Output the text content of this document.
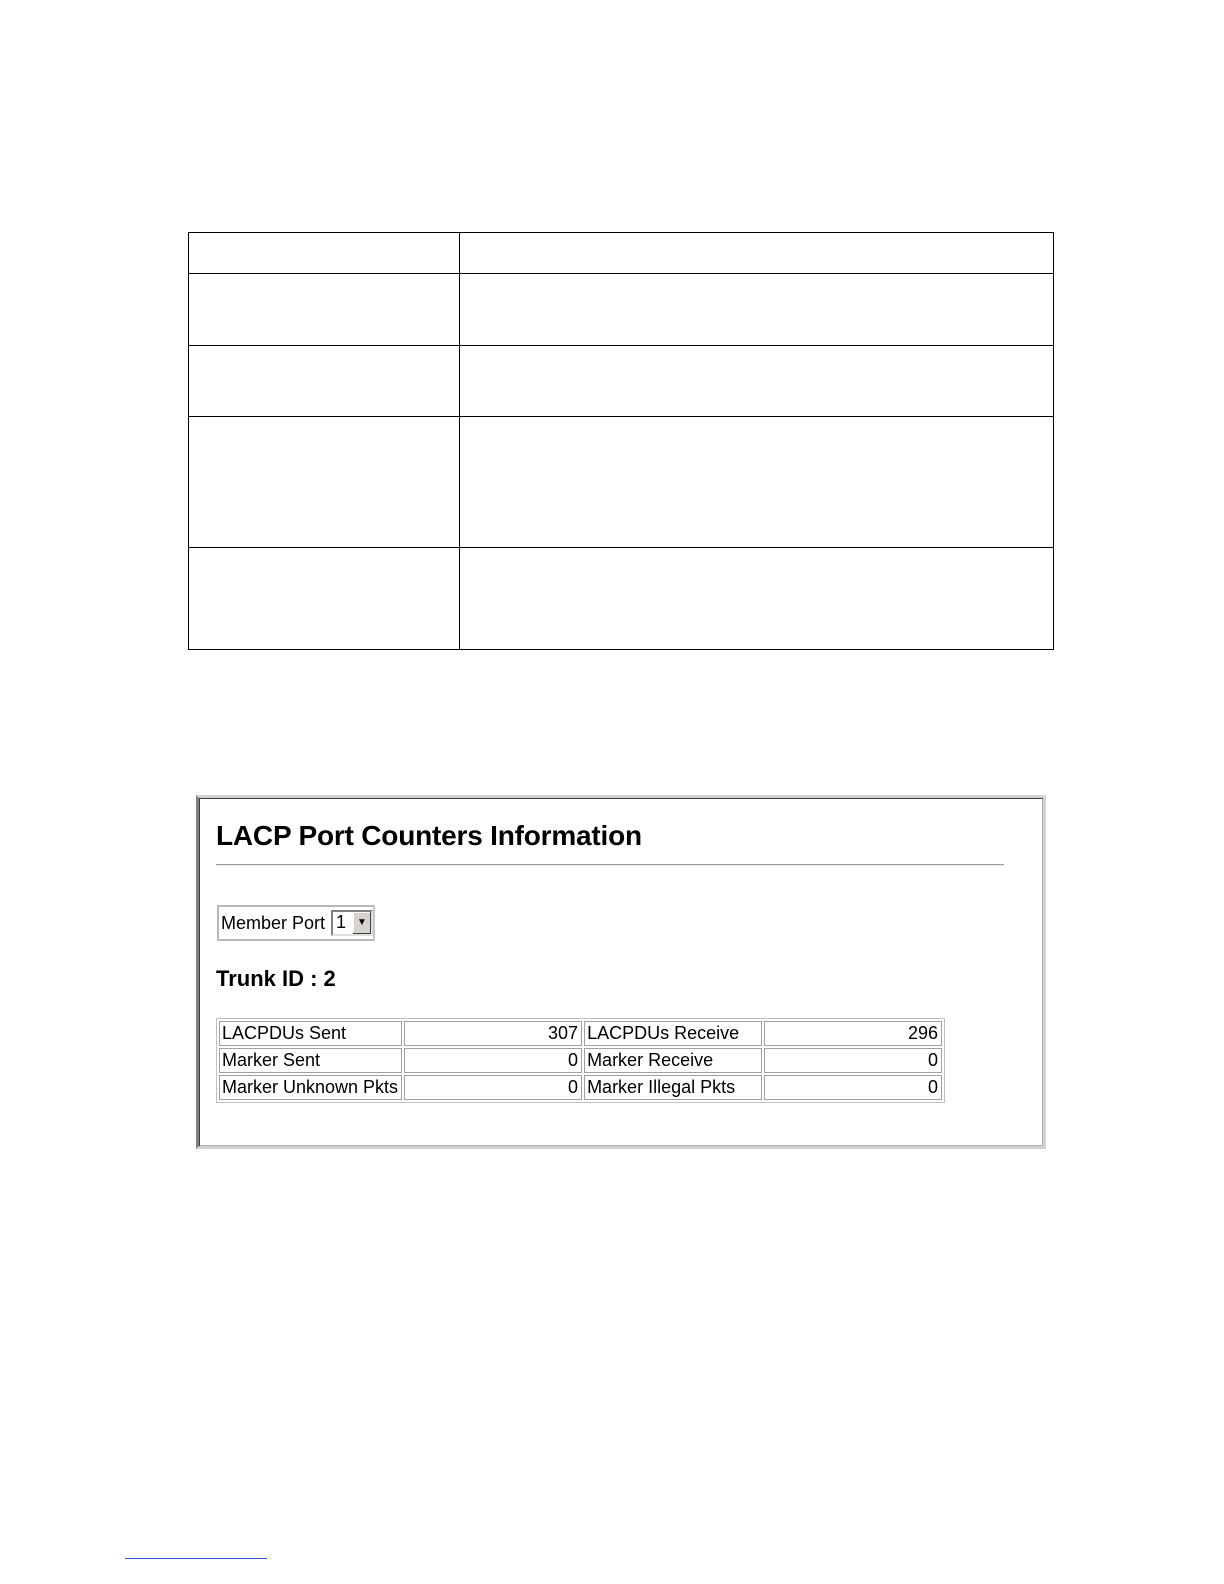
LACP Port Counters Information
Member Port 1	▼
Trunk ID : 2
LACPDUs Sent	307	LACPDUs Receive	296
Marker Sent	0	Marker Receive	0
Marker Unknown Pkts	0	Marker Illegal Pkts	0
